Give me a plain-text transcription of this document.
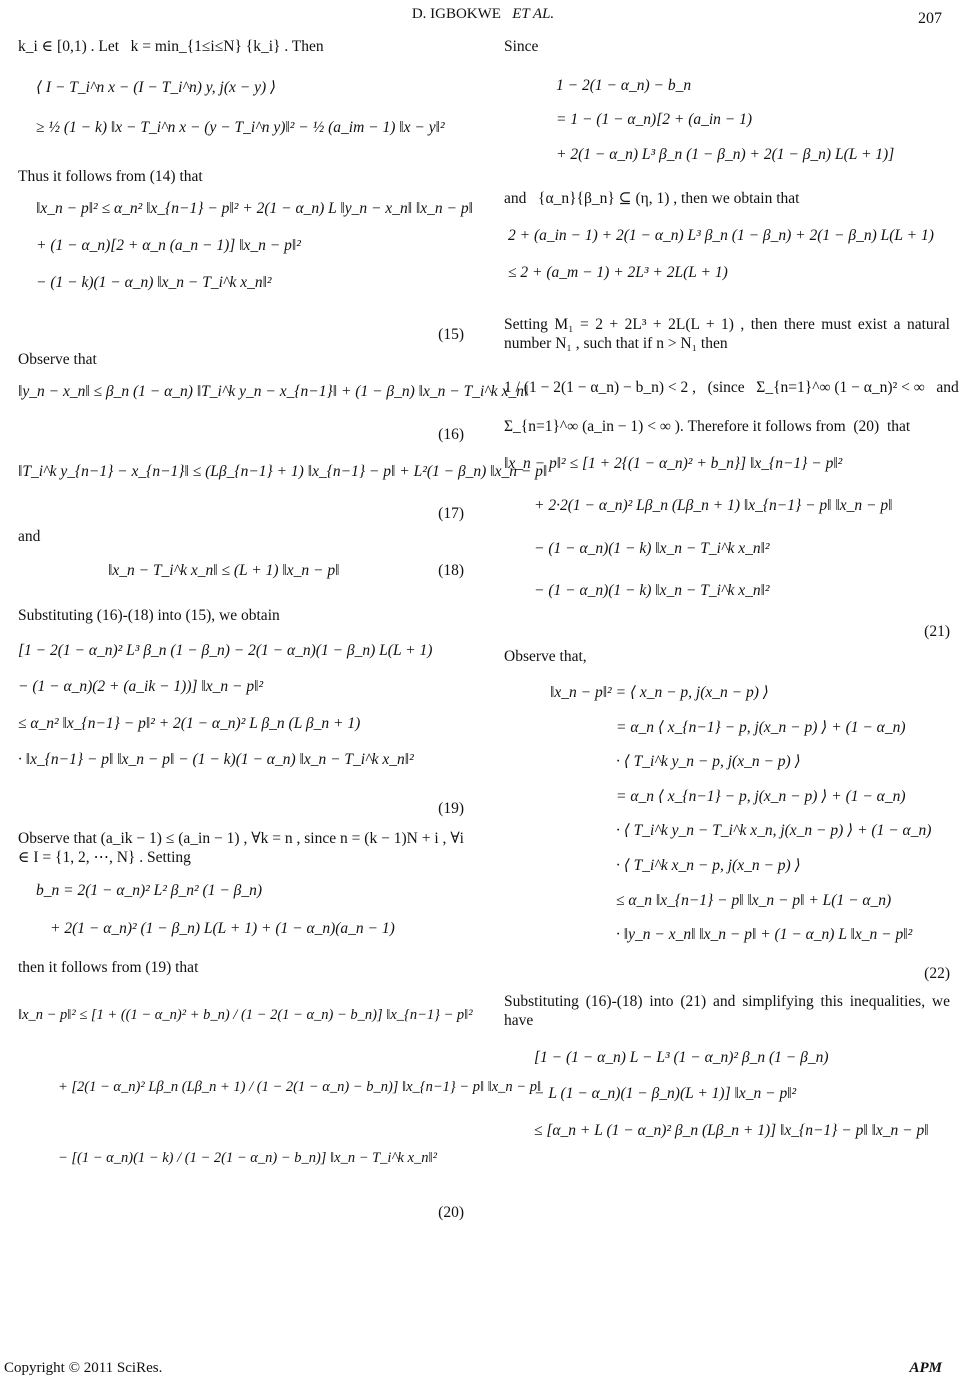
D. IGBOKWE ET AL.	207

k_i ∈ [0,1) . Let   k = min_{1≤i≤N} {k_i} . Then

⟨ I − T_i^n x − (I − T_i^n) y, j(x − y) ⟩
≥ ½ (1 − k) ‖x − T_i^n x − (y − T_i^n y)‖² − ½ (a_im − 1) ‖x − y‖²

Thus it follows from (14) that

‖x_n − p‖² ≤ α_n² ‖x_{n−1} − p‖² + 2(1 − α_n) L ‖y_n − x_n‖ ‖x_n − p‖
+ (1 − α_n)[2 + α_n (a_n − 1)] ‖x_n − p‖²
− (1 − k)(1 − α_n) ‖x_n − T_i^k x_n‖²
(15)

Observe that

‖y_n − x_n‖ ≤ β_n (1 − α_n) ‖T_i^k y_n − x_{n−1}‖ + (1 − β_n) ‖x_n − T_i^k x_n‖
(16)
‖T_i^k y_{n−1} − x_{n−1}‖ ≤ (Lβ_{n−1} + 1) ‖x_{n−1} − p‖ + L²(1 − β_n) ‖x_n − p‖
(17)

and

‖x_n − T_i^k x_n‖ ≤ (L + 1) ‖x_n − p‖	(18)

Substituting (16)-(18) into (15), we obtain

[1 − 2(1 − α_n)² L³ β_n (1 − β_n) − 2(1 − α_n)(1 − β_n) L(L + 1)
− (1 − α_n)(2 + (a_ik − 1))] ‖x_n − p‖²
≤ α_n² ‖x_{n−1} − p‖² + 2(1 − α_n)² L β_n (L β_n + 1)
· ‖x_{n−1} − p‖ ‖x_n − p‖ − (1 − k)(1 − α_n) ‖x_n − T_i^k x_n‖²
(19)

Observe that (a_ik − 1) ≤ (a_in − 1) , ∀k = n , since n = (k − 1)N + i , ∀i ∈ I = {1, 2, ⋯, N} . Setting

b_n = 2(1 − α_n)² L² β_n² (1 − β_n)
+ 2(1 − α_n)² (1 − β_n) L(L + 1) + (1 − α_n)(a_n − 1)

then it follows from (19) that

‖x_n − p‖² ≤ [1 + ((1 − α_n)² + b_n) / (1 − 2(1 − α_n) − b_n)] ‖x_{n−1} − p‖²
+ [2(1 − α_n)² Lβ_n (Lβ_n + 1) / (1 − 2(1 − α_n) − b_n)] ‖x_{n−1} − p‖ ‖x_n − p‖
− [(1 − α_n)(1 − k) / (1 − 2(1 − α_n) − b_n)] ‖x_n − T_i^k x_n‖²
(20)

Since

1 − 2(1 − α_n) − b_n
= 1 − (1 − α_n)[2 + (a_in − 1)
+ 2(1 − α_n) L³ β_n (1 − β_n) + 2(1 − β_n) L(L + 1)]

and   {α_n}{β_n} ⊆ (η, 1) , then we obtain that

2 + (a_in − 1) + 2(1 − α_n) L³ β_n (1 − β_n) + 2(1 − β_n) L(L + 1)
≤ 2 + (a_m − 1) + 2L³ + 2L(L + 1)

Setting M₁ = 2 + 2L³ + 2L(L + 1) , then there must exist a natural number N₁ , such that if n > N₁ then

1 / (1 − 2(1 − α_n) − b_n) < 2 ,   (since   Σ_{n=1}^∞ (1 − α_n)² < ∞   and

Σ_{n=1}^∞ (a_in − 1) < ∞ ). Therefore it follows from  (20)  that

‖x_n − p‖² ≤ [1 + 2{(1 − α_n)² + b_n}] ‖x_{n−1} − p‖²
+ 2·2(1 − α_n)² Lβ_n (Lβ_n + 1) ‖x_{n−1} − p‖ ‖x_n − p‖
− (1 − α_n)(1 − k) ‖x_n − T_i^k x_n‖²
− (1 − α_n)(1 − k) ‖x_n − T_i^k x_n‖²
(21)

Observe that,

‖x_n − p‖² = ⟨ x_n − p, j(x_n − p) ⟩
= α_n ⟨ x_{n−1} − p, j(x_n − p) ⟩ + (1 − α_n)
· ⟨ T_i^k y_n − p, j(x_n − p) ⟩
= α_n ⟨ x_{n−1} − p, j(x_n − p) ⟩ + (1 − α_n)
· ⟨ T_i^k y_n − T_i^k x_n, j(x_n − p) ⟩ + (1 − α_n)
· ⟨ T_i^k x_n − p, j(x_n − p) ⟩
≤ α_n ‖x_{n−1} − p‖ ‖x_n − p‖ + L(1 − α_n)
· ‖y_n − x_n‖ ‖x_n − p‖ + (1 − α_n) L ‖x_n − p‖²
(22)

Substituting (16)-(18) into (21) and simplifying this inequalities, we have

[1 − (1 − α_n) L − L³ (1 − α_n)² β_n (1 − β_n)
− L (1 − α_n)(1 − β_n)(L + 1)] ‖x_n − p‖²
≤ [α_n + L (1 − α_n)² β_n (Lβ_n + 1)] ‖x_{n−1} − p‖ ‖x_n − p‖
Copyright © 2011 SciRes.	APM
